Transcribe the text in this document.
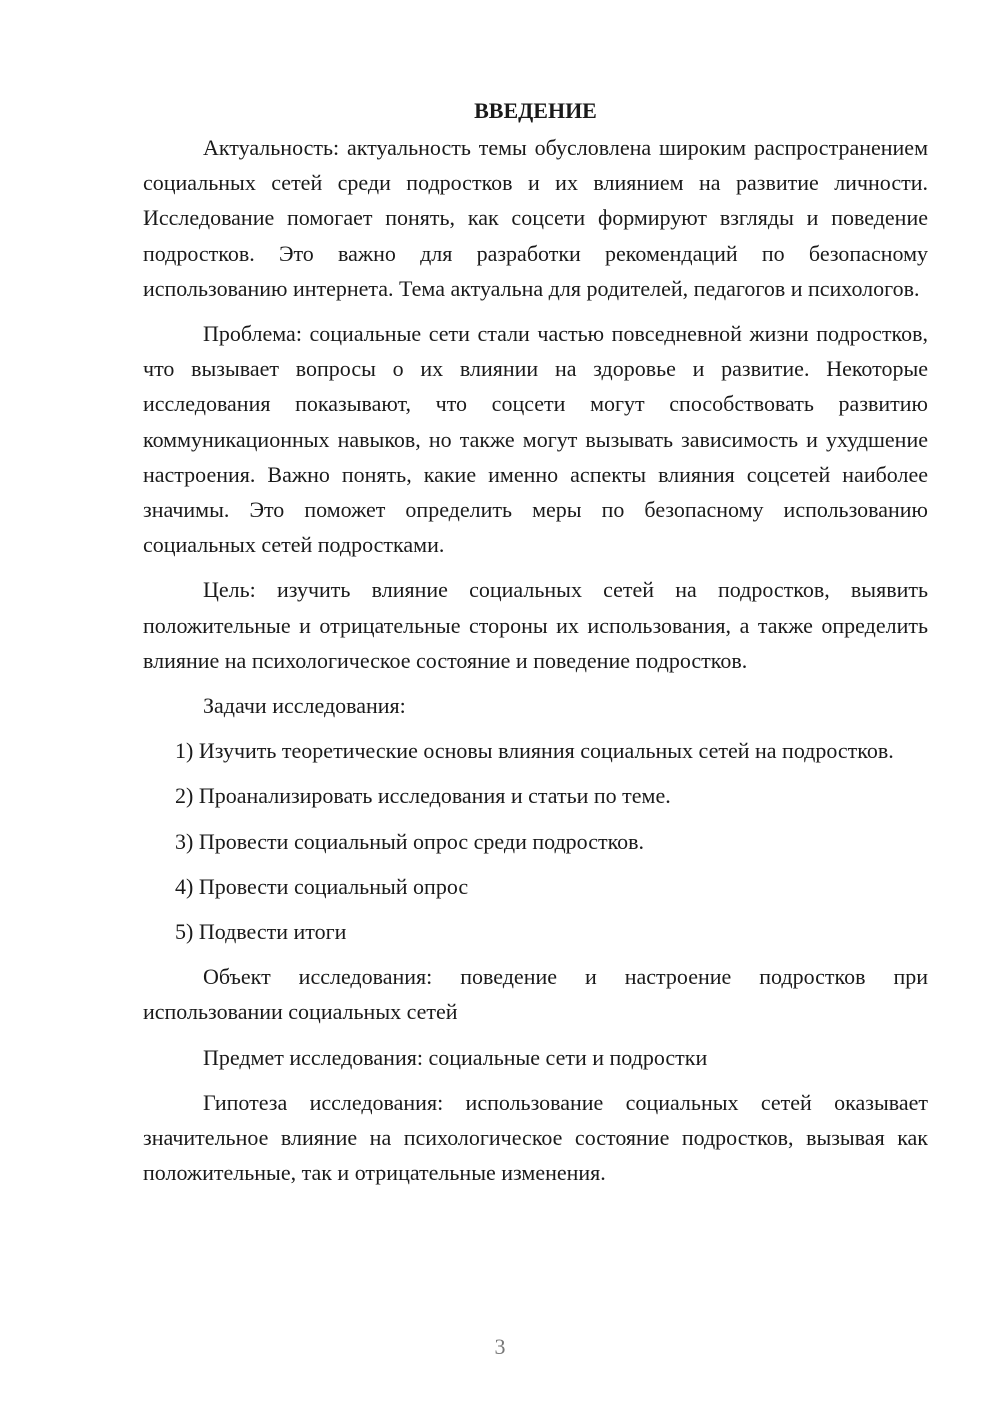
ВВЕДЕНИЕ

Актуальность: актуальность темы обусловлена широким распространением социальных сетей среди подростков и их влиянием на развитие личности. Исследование помогает понять, как соцсети формируют взгляды и поведение подростков. Это важно для разработки рекомендаций по безопасному использованию интернета. Тема актуальна для родителей, педагогов и психологов.

Проблема: социальные сети стали частью повседневной жизни подростков, что вызывает вопросы о их влиянии на здоровье и развитие. Некоторые исследования показывают, что соцсети могут способствовать развитию коммуникационных навыков, но также могут вызывать зависимость и ухудшение настроения. Важно понять, какие именно аспекты влияния соцсетей наиболее значимы. Это поможет определить меры по безопасному использованию социальных сетей подростками.

Цель: изучить влияние социальных сетей на подростков, выявить положительные и отрицательные стороны их использования, а также определить влияние на психологическое состояние и поведение подростков.

Задачи исследования:

1) Изучить теоретические основы влияния социальных сетей на подростков.

2) Проанализировать исследования и статьи по теме.

3) Провести социальный опрос среди подростков.

4) Провести социальный опрос

5) Подвести итоги

Объект исследования: поведение и настроение подростков при использовании социальных сетей

Предмет исследования: социальные сети и подростки

Гипотеза исследования: использование социальных сетей оказывает значительное влияние на психологическое состояние подростков, вызывая как положительные, так и отрицательные изменения.

3
